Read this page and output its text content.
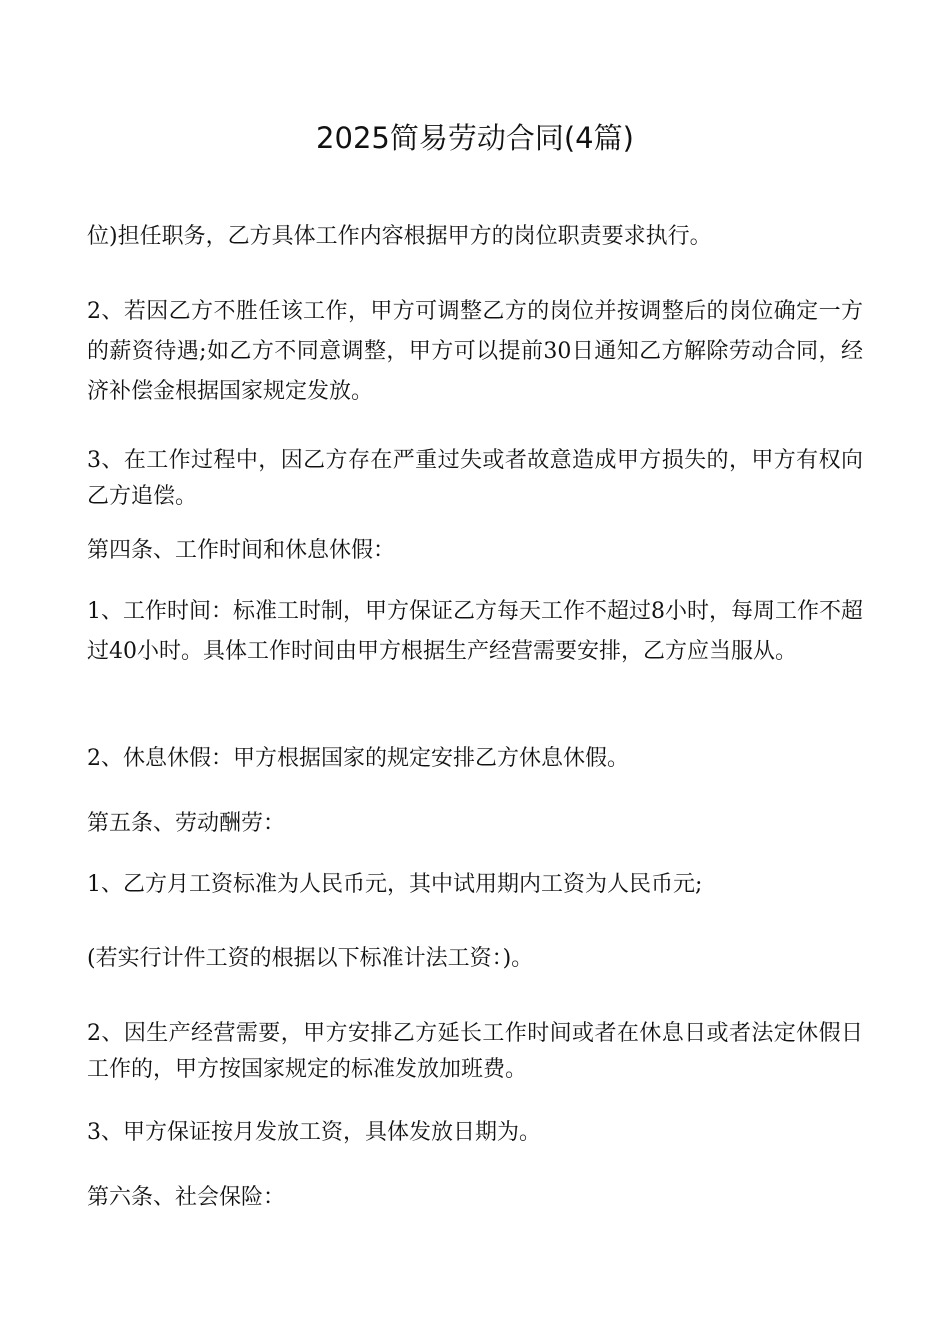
2025简易劳动合同(4篇)

位)担任职务，乙方具体工作内容根据甲方的岗位职责要求执行。

2、若因乙方不胜任该工作，甲方可调整乙方的岗位并按调整后的岗位确定一方的薪资待遇;如乙方不同意调整，甲方可以提前30日通知乙方解除劳动合同，经济补偿金根据国家规定发放。

3、在工作过程中，因乙方存在严重过失或者故意造成甲方损失的，甲方有权向乙方追偿。

第四条、工作时间和休息休假：

1、工作时间：标准工时制，甲方保证乙方每天工作不超过8小时，每周工作不超过40小时。具体工作时间由甲方根据生产经营需要安排，乙方应当服从。

2、休息休假：甲方根据国家的规定安排乙方休息休假。

第五条、劳动酬劳：

1、乙方月工资标准为人民币元，其中试用期内工资为人民币元;

(若实行计件工资的根据以下标准计法工资：)。

2、因生产经营需要，甲方安排乙方延长工作时间或者在休息日或者法定休假日工作的，甲方按国家规定的标准发放加班费。

3、甲方保证按月发放工资，具体发放日期为。

第六条、社会保险：
